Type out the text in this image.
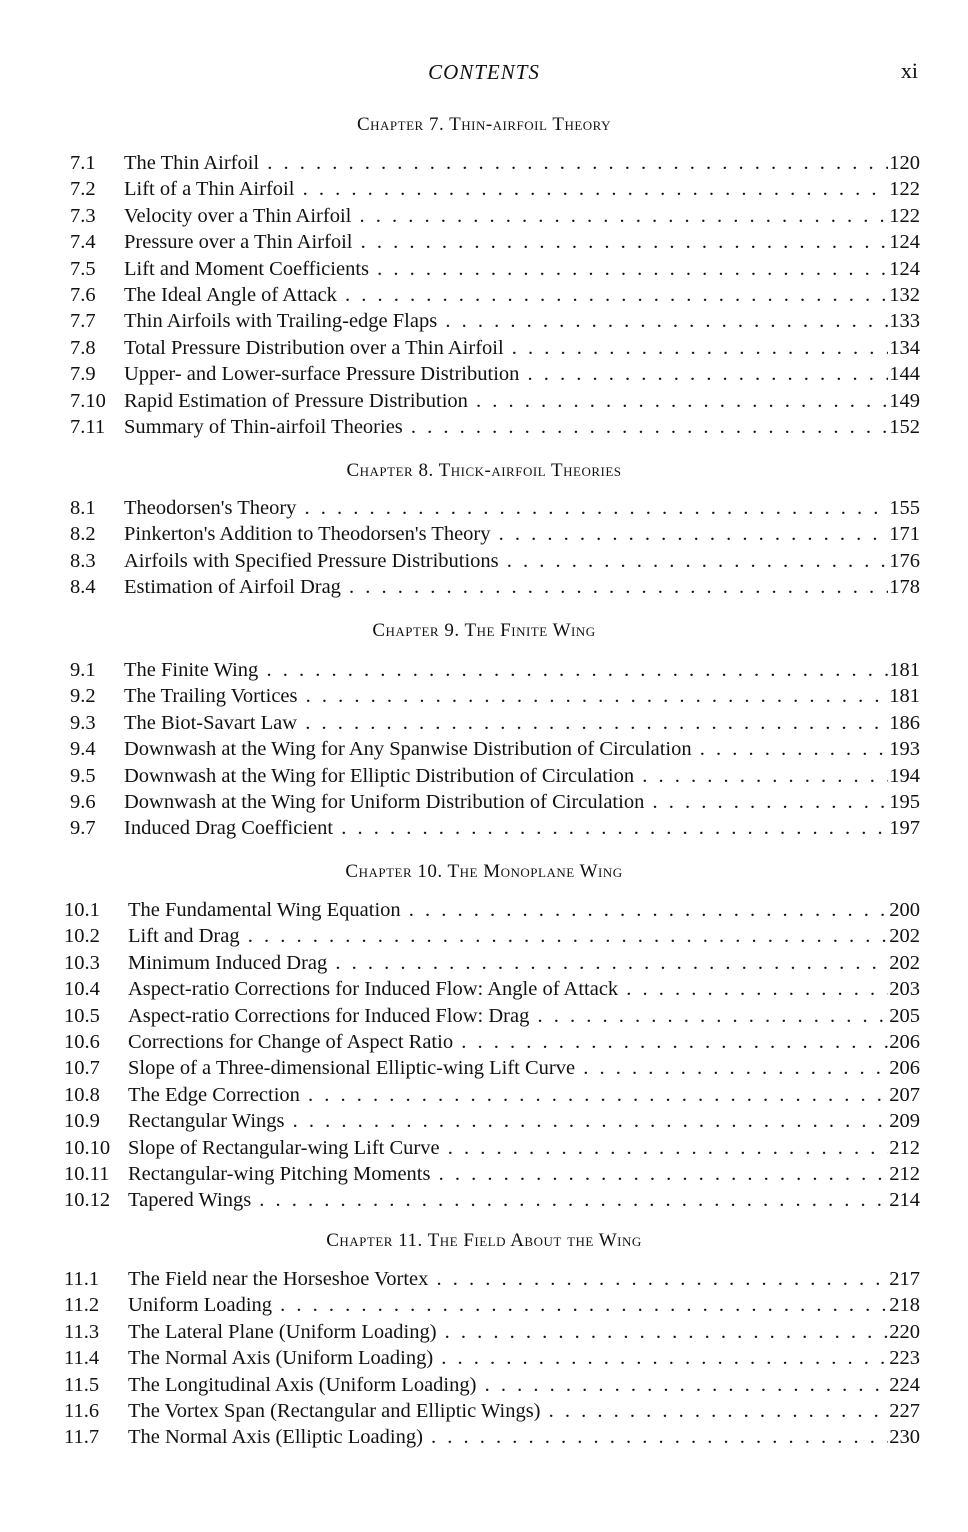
CONTENTS	xi
Chapter 7. Thin-airfoil Theory
7.1	The Thin Airfoil . . .	120
7.2	Lift of a Thin Airfoil . . .	122
7.3	Velocity over a Thin Airfoil . . .	122
7.4	Pressure over a Thin Airfoil . . .	124
7.5	Lift and Moment Coefficients . . .	124
7.6	The Ideal Angle of Attack . . .	132
7.7	Thin Airfoils with Trailing-edge Flaps . . .	133
7.8	Total Pressure Distribution over a Thin Airfoil . . .	134
7.9	Upper- and Lower-surface Pressure Distribution . . .	144
7.10 Rapid Estimation of Pressure Distribution . . .	149
7.11 Summary of Thin-airfoil Theories . . .	152
Chapter 8. Thick-airfoil Theories
8.1	Theodorsen's Theory . . .	155
8.2	Pinkerton's Addition to Theodorsen's Theory . . .	171
8.3	Airfoils with Specified Pressure Distributions . . .	176
8.4	Estimation of Airfoil Drag . . .	178
Chapter 9. The Finite Wing
9.1	The Finite Wing . . .	181
9.2	The Trailing Vortices . . .	181
9.3	The Biot-Savart Law . . .	186
9.4	Downwash at the Wing for Any Spanwise Distribution of Circulation . . .	193
9.5	Downwash at the Wing for Elliptic Distribution of Circulation . . .	194
9.6	Downwash at the Wing for Uniform Distribution of Circulation . . .	195
9.7	Induced Drag Coefficient . . .	197
Chapter 10. The Monoplane Wing
10.1	The Fundamental Wing Equation . . .	200
10.2	Lift and Drag . . .	202
10.3	Minimum Induced Drag . . .	202
10.4	Aspect-ratio Corrections for Induced Flow: Angle of Attack . . .	203
10.5	Aspect-ratio Corrections for Induced Flow: Drag . . .	205
10.6	Corrections for Change of Aspect Ratio . . .	206
10.7	Slope of a Three-dimensional Elliptic-wing Lift Curve . . .	206
10.8	The Edge Correction . . .	207
10.9	Rectangular Wings . . .	209
10.10 Slope of Rectangular-wing Lift Curve . . .	212
10.11 Rectangular-wing Pitching Moments . . .	212
10.12 Tapered Wings . . .	214
Chapter 11. The Field About the Wing
11.1	The Field near the Horseshoe Vortex . . .	217
11.2	Uniform Loading . . .	218
11.3	The Lateral Plane (Uniform Loading) . . .	220
11.4	The Normal Axis (Uniform Loading) . . .	223
11.5	The Longitudinal Axis (Uniform Loading) . . .	224
11.6	The Vortex Span (Rectangular and Elliptic Wings) . . .	227
11.7	The Normal Axis (Elliptic Loading) . . .	230
